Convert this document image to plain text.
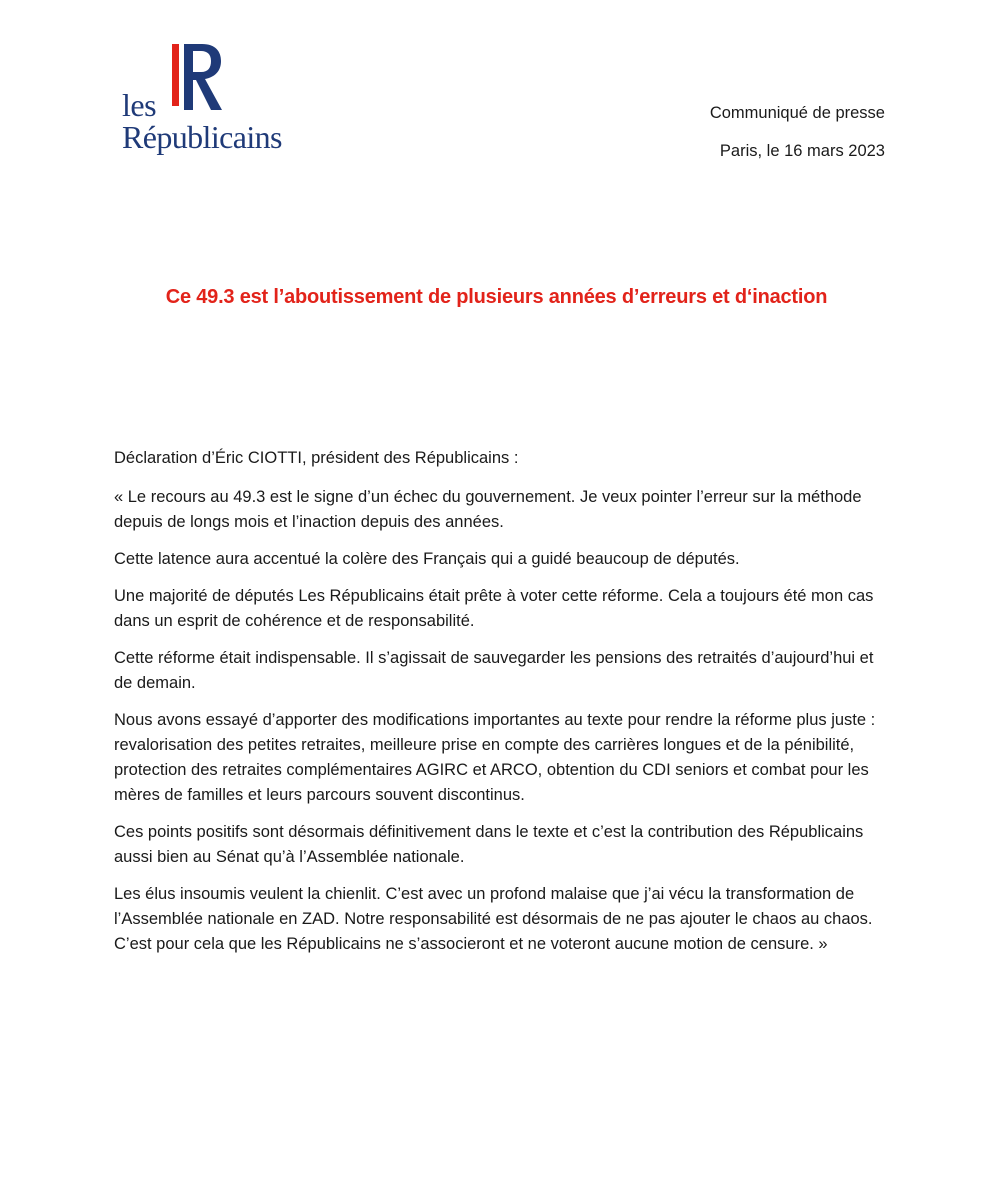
les
Républicains
Communiqué de presse
Paris, le 16 mars 2023
Ce 49.3 est l’aboutissement de plusieurs années d’erreurs et d‘inaction

Déclaration d’Éric CIOTTI, président des Républicains :

« Le recours au 49.3 est le signe d’un échec du gouvernement. Je veux pointer l’erreur sur la méthode depuis de longs mois et l’inaction depuis des années.

Cette latence aura accentué la colère des Français qui a guidé beaucoup de députés.

Une majorité de députés Les Républicains était prête à voter cette réforme. Cela a toujours été mon cas dans un esprit de cohérence et de responsabilité.

Cette réforme était indispensable. Il s’agissait de sauvegarder les pensions des retraités d’aujourd’hui et de demain.

Nous avons essayé d’apporter des modifications importantes au texte pour rendre la réforme plus juste : revalorisation des petites retraites, meilleure prise en compte des carrières longues et de la pénibilité, protection des retraites complémentaires AGIRC et ARCO, obtention du CDI seniors et combat pour les mères de familles et leurs parcours souvent discontinus.

Ces points positifs sont désormais définitivement dans le texte et c’est la contribution des Républicains aussi bien au Sénat qu’à l’Assemblée nationale.

Les élus insoumis veulent la chienlit. C’est avec un profond malaise que j’ai vécu la transformation de l’Assemblée nationale en ZAD. Notre responsabilité est désormais de ne pas ajouter le chaos au chaos. C’est pour cela que les Républicains ne s’associeront et ne voteront aucune motion de censure. »
